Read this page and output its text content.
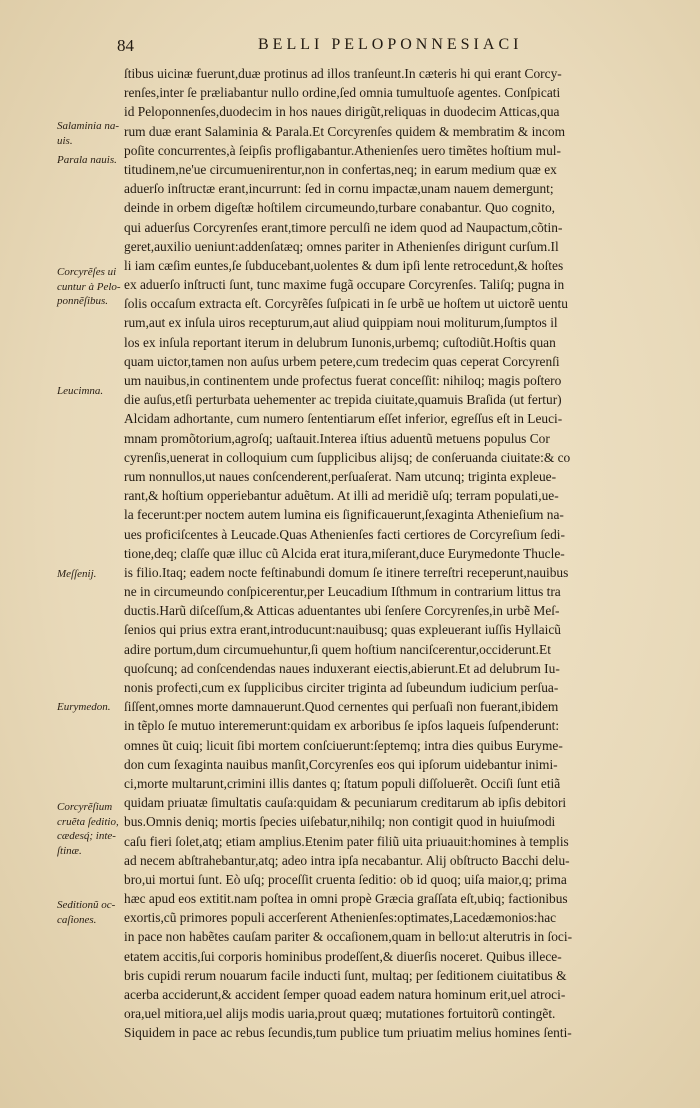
84	BELLI PELOPONNESIACI
Salaminia na-
uis.
Parala nauis.
Corcyrẽſes ui
cuntur à Pelo-
ponnẽſibus.
Leucimna.
Meſſenij.
Eurymedon.
Corcyrẽſium
cruẽta ſeditio,
cædesq́; inte-
ſtinæ.
Seditionũ oc-
caſiones.
ſtibus uicinæ fuerunt,duæ protinus ad illos tranſeunt.In cæteris hi qui erant Corcy-
renſes,inter ſe præliabantur nullo ordine,ſed omnia tumultuoſe agentes. Conſpicati
id Peloponnenſes,duodecim in hos naues dirigũt,reliquas in duodecim Atticas,qua
rum duæ erant Salaminia & Parala.Et Corcyrenſes quidem & membratim & incom
poſite concurrentes,à ſeipſis profligabantur.Athenienſes uero timẽtes hoſtium mul-
titudinem,ne'ue circumuenirentur,non in confertas,neq; in earum medium quæ ex
aduerſo inſtructæ erant,incurrunt: ſed in cornu impactæ,unam nauem demergunt;
deinde in orbem digeſtæ hoſtilem circumeundo,turbare conabantur. Quo cognito,
qui aduerſus Corcyrenſes erant,timore perculſi ne idem quod ad Naupactum,cõtin-
geret,auxilio ueniunt:addenſatæq; omnes pariter in Athenienſes dirigunt curſum.Il
li iam cæſim euntes,ſe ſubducebant,uolentes & dum ipſi lente retrocedunt,& hoſtes
ex aduerſo inſtructi ſunt, tunc maxime fugã occupare Corcyrenſes. Taliſq; pugna in
ſolis occaſum extracta eſt. Corcyrẽſes ſuſpicati in ſe urbẽ ue hoſtem ut uictorẽ uentu
rum,aut ex inſula uiros recepturum,aut aliud quippiam noui moliturum,ſumptos il
los ex inſula reportant iterum in delubrum Iunonis,urbemq; cuſtodiũt.Hoſtis quan
quam uictor,tamen non auſus urbem petere,cum tredecim quas ceperat Corcyrenſi
um nauibus,in continentem unde profectus fuerat conceſſit: nihiloq; magis poſtero
die auſus,etſi perturbata uehementer ac trepida ciuitate,quamuis Braſida (ut fertur)
Alcidam adhortante, cum numero ſententiarum eſſet inferior, egreſſus eſt in Leuci-
mnam promõtorium,agroſq; uaſtauit.Interea iſtius aduentũ metuens populus Cor
cyrenſis,uenerat in colloquium cum ſupplicibus alijsq; de conſeruanda ciuitate:& co
rum nonnullos,ut naues conſcenderent,perſuaſerat. Nam utcunq; triginta expleue-
rant,& hoſtium opperiebantur aduẽtum. At illi ad meridiẽ uſq; terram populati,ue-
la fecerunt:per noctem autem lumina eis ſignificauerunt,ſexaginta Athenieſium na-
ues proficiſcentes à Leucade.Quas Athenienſes facti certiores de Corcyreſium ſedi-
tione,deq; claſſe quæ illuc cũ Alcida erat itura,miſerant,duce Eurymedonte Thucle-
is filio.Itaq; eadem nocte feſtinabundi domum ſe itinere terreſtri receperunt,nauibus
ne in circumeundo conſpicerentur,per Leucadium Iſthmum in contrarium littus tra
ductis.Harũ diſceſſum,& Atticas aduentantes ubi ſenſere Corcyrenſes,in urbẽ Meſ-
ſenios qui prius extra erant,introducunt:nauibusq; quas expleuerant iuſſis Hyllaicũ
adire portum,dum circumuehuntur,ſi quem hoſtium nanciſcerentur,occiderunt.Et
quoſcunq; ad conſcendendas naues induxerant eiectis,abierunt.Et ad delubrum Iu-
nonis profecti,cum ex ſupplicibus circiter triginta ad ſubeundum iudicium perſua-
ſiſſent,omnes morte damnauerunt.Quod cernentes qui perſuaſi non fuerant,ibidem
in tẽplo ſe mutuo interemerunt:quidam ex arboribus ſe ipſos laqueis ſuſpenderunt:
omnes ũt cuiq; licuit ſibi mortem conſciuerunt:ſeptemq; intra dies quibus Euryme-
don cum ſexaginta nauibus manſit,Corcyrenſes eos qui ipſorum uidebantur inimi-
ci,morte multarunt,crimini illis dantes q; ſtatum populi diſſoluerẽt. Occiſi ſunt etiã
quidam priuatæ ſimultatis cauſa:quidam & pecuniarum creditarum ab ipſis debitori
bus.Omnis deniq; mortis ſpecies uiſebatur,nihilq; non contigit quod in huiuſmodi
caſu fieri ſolet,atq; etiam amplius.Etenim pater filiũ uita priuauit:homines à templis
ad necem abſtrahebantur,atq; adeo intra ipſa necabantur. Alij obſtructo Bacchi delu-
bro,ui mortui ſunt. Eò uſq; proceſſit cruenta ſeditio: ob id quoq; uiſa maior,q; prima
hæc apud eos extitit.nam poſtea in omni propè Græcia graſſata eſt,ubiq; factionibus
exortis,cũ primores populi accerſerent Athenienſes:optimates,Lacedæmonios:hac
in pace non habẽtes cauſam pariter & occaſionem,quam in bello:ut alterutris in ſoci-
etatem accitis,ſui corporis hominibus prodeſſent,& diuerſis noceret. Quibus illece-
bris cupidi rerum nouarum facile inducti ſunt, multaq; per ſeditionem ciuitatibus &
acerba acciderunt,& accident ſemper quoad eadem natura hominum erit,uel atroci-
ora,uel mitiora,uel alijs modis uaria,prout quæq; mutationes fortuitorũ contingẽt.
Siquidem in pace ac rebus ſecundis,tum publice tum priuatim melius homines ſenti-
